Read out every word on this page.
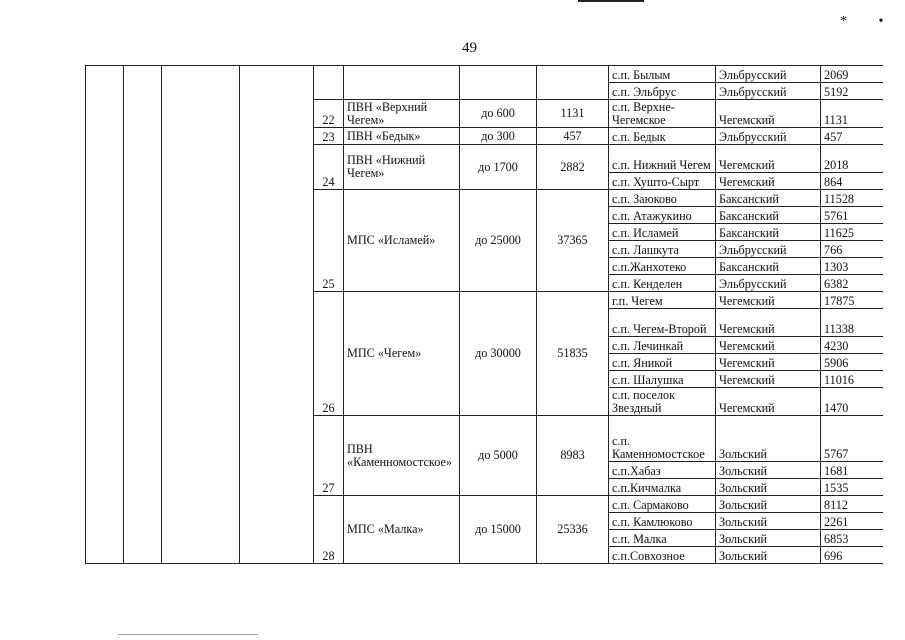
* •
49
								с.п. Былым	Эльбрусский	2069
								с.п. Эльбрус	Эльбрусский	5192
				22	ПВН «Верхний Чегем»	до 600	1131	с.п. Верхне-Чегемское	Чегемский	1131
				23	ПВН «Бедык»	до 300	457	с.п. Бедык	Эльбрусский	457
				24	ПВН «Нижний Чегем»	до 1700	2882	с.п. Нижний Чегем	Чегемский	2018
								с.п. Хушто-Сырт	Чегемский	864
				25	МПС «Исламей»	до 25000	37365	с.п. Заюково	Баксанский	11528
								с.п. Атажукино	Баксанский	5761
								с.п. Исламей	Баксанский	11625
								с.п. Лашкута	Эльбрусский	766
								с.п.Жанхотеко	Баксанский	1303
								с.п. Кенделен	Эльбрусский	6382
				26	МПС «Чегем»	до 30000	51835	г.п. Чегем	Чегемский	17875
								с.п. Чегем-Второй	Чегемский	11338
								с.п. Лечинкай	Чегемский	4230
								с.п. Яникой	Чегемский	5906
								с.п. Шалушка	Чегемский	11016
								с.п. поселок Звездный	Чегемский	1470
				27	ПВН «Каменномостское»	до 5000	8983	с.п. Каменномостское	Зольский	5767
								с.п.Хабаз	Зольский	1681
								с.п.Кичмалка	Зольский	1535
				28	МПС «Малка»	до 15000	25336	с.п. Сармаково	Зольский	8112
								с.п. Камлюково	Зольский	2261
								с.п. Малка	Зольский	6853
								с.п.Совхозное	Зольский	696
